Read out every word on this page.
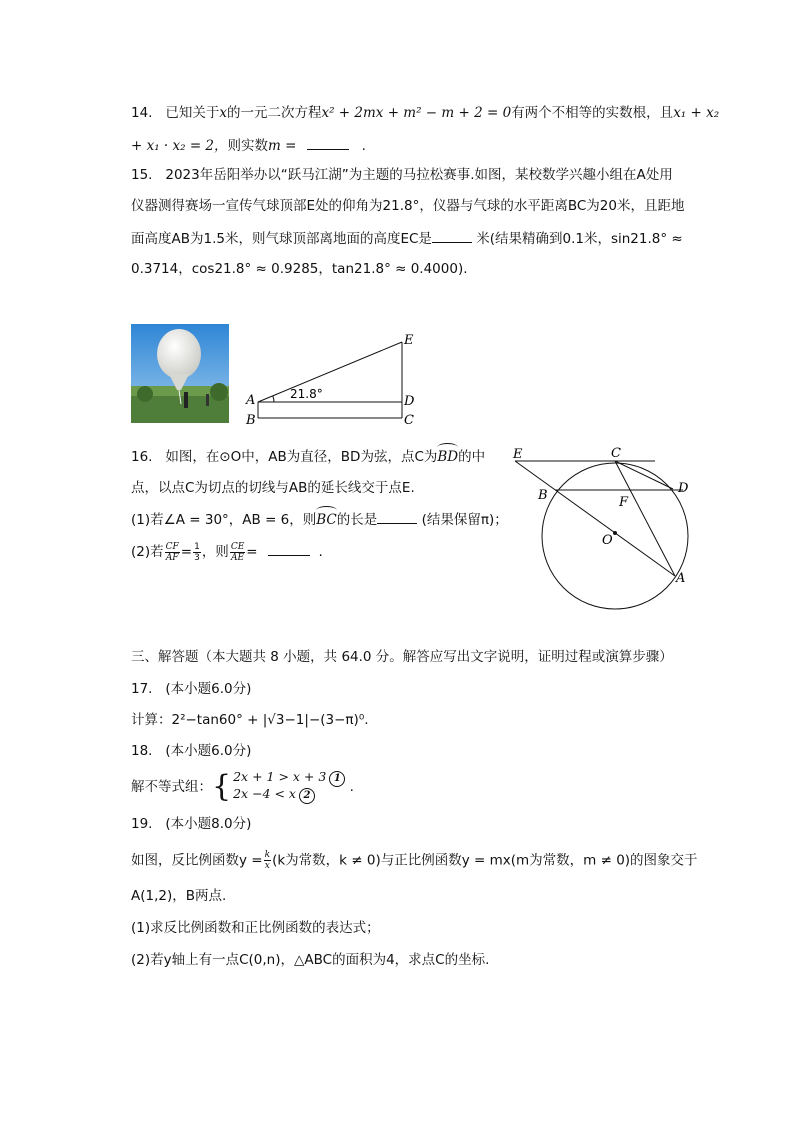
14. 已知关于x的一元二次方程x² + 2mx + m² − m + 2 = 0有两个不相等的实数根，且x₁ + x₂
+ x₁ · x₂ = 2，则实数m =	.
15. 2023年岳阳举办以“跃马江湖”为主题的马拉松赛事.如图，某校数学兴趣小组在A处用
仪器测得赛场一宣传气球顶部E处的仰角为21.8°，仪器与气球的水平距离BC为20米，且距地
面高度AB为1.5米，则气球顶部离地面的高度EC是	米(结果精确到0.1米，sin21.8° ≈
0.3714，cos21.8° ≈ 0.9285，tan21.8° ≈ 0.4000).
A
B	C
D
E
21.8°
16. 如图，在⊙O中，AB为直径，BD为弦，点C为BD的中
点，以点C为切点的切线与AB的延长线交于点E.
(1)若∠A = 30°，AB = 6，则BC的长是	(结果保留π)；
(2)若 $\frac{CF}{AF} = \frac{1}{3}$ ，则 $\frac{CE}{AE}$ =	.
E	C
B	D
F
O
A
三、解答题（本大题共 8 小题，共 64.0 分。解答应写出文字说明，证明过程或演算步骤）
17. (本小题6.0分)
计算：2²−tan60° + |√3−1|−(3−π)⁰.
18. (本小题6.0分)
解不等式组： { 2x + 1 > x + 3 1
2x −4 < x 2
.
19. (本小题8.0分)
如图，反比例函数$y = \frac{k}{x} (k$为常数，k ≠ 0)与正比例函数y = mx(m为常数，m ≠ 0)的图象交于
A(1,2)，B两点.
(1)求反比例函数和正比例函数的表达式；
(2)若y轴上有一点C(0,n)，△ABC的面积为4，求点C的坐标.
